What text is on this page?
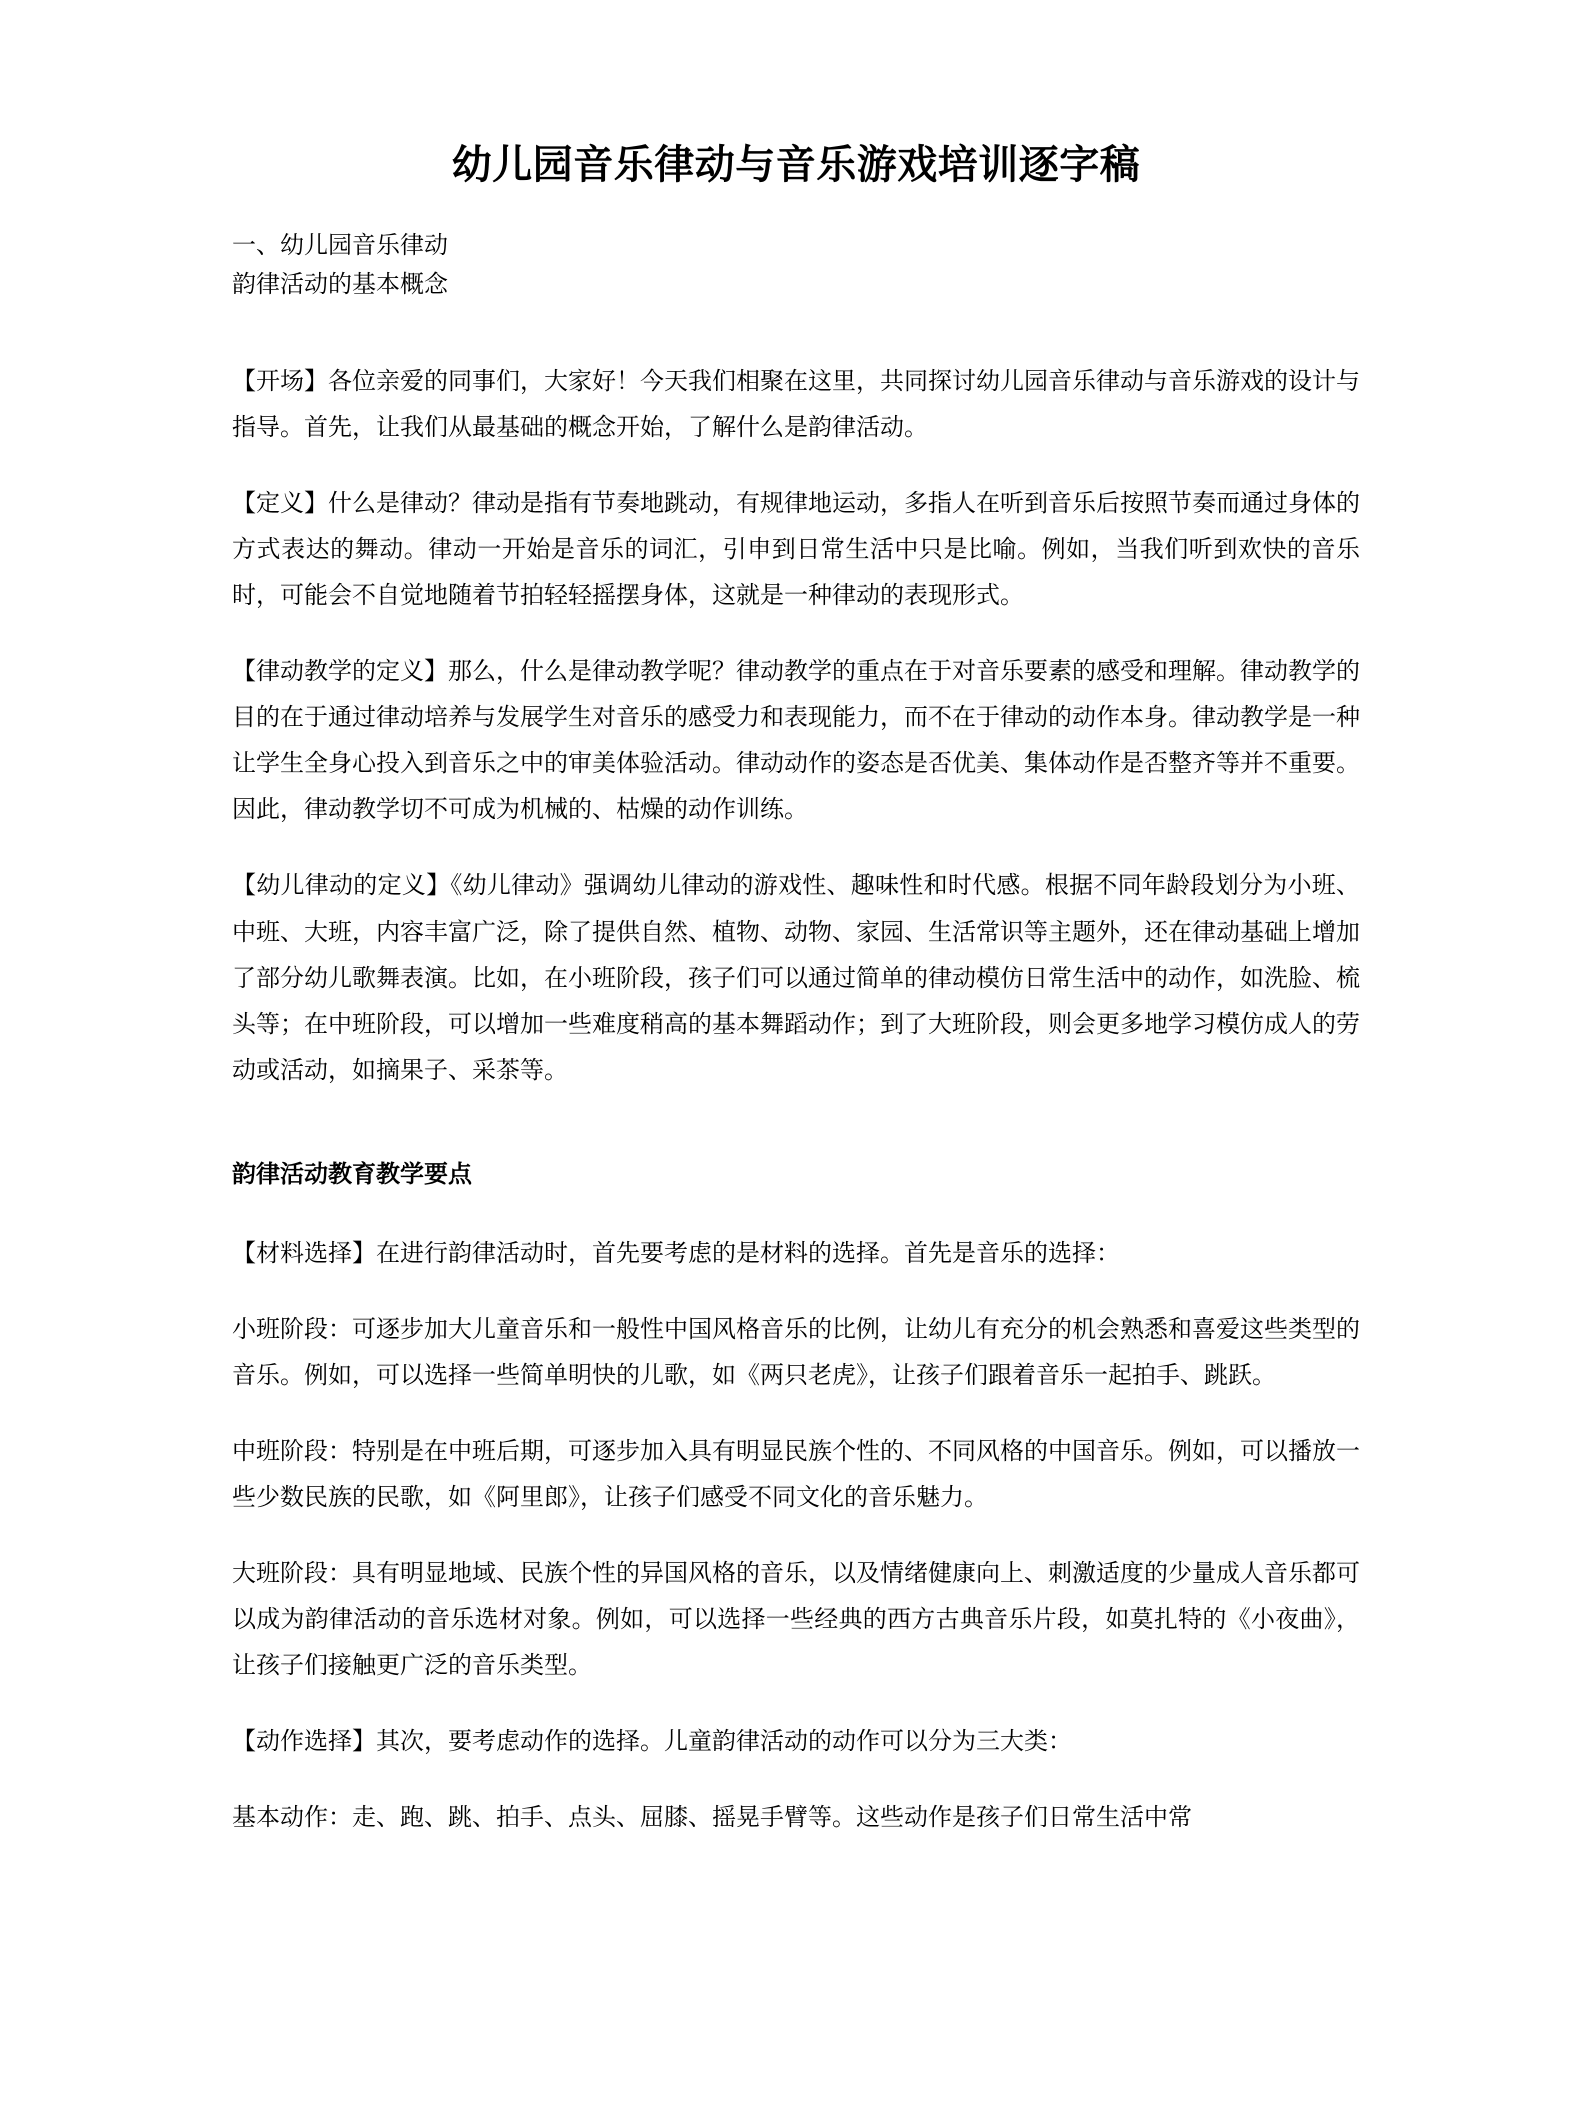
幼儿园音乐律动与音乐游戏培训逐字稿
一、幼儿园音乐律动
韵律活动的基本概念

【开场】各位亲爱的同事们，大家好！今天我们相聚在这里，共同探讨幼儿园音乐律动与音乐游戏的设计与指导。首先，让我们从最基础的概念开始，了解什么是韵律活动。

【定义】什么是律动？律动是指有节奏地跳动，有规律地运动，多指人在听到音乐后按照节奏而通过身体的方式表达的舞动。律动一开始是音乐的词汇，引申到日常生活中只是比喻。例如，当我们听到欢快的音乐时，可能会不自觉地随着节拍轻轻摇摆身体，这就是一种律动的表现形式。

【律动教学的定义】那么，什么是律动教学呢？律动教学的重点在于对音乐要素的感受和理解。律动教学的目的在于通过律动培养与发展学生对音乐的感受力和表现能力，而不在于律动的动作本身。律动教学是一种让学生全身心投入到音乐之中的审美体验活动。律动动作的姿态是否优美、集体动作是否整齐等并不重要。因此，律动教学切不可成为机械的、枯燥的动作训练。

【幼儿律动的定义】《幼儿律动》强调幼儿律动的游戏性、趣味性和时代感。根据不同年龄段划分为小班、中班、大班，内容丰富广泛，除了提供自然、植物、动物、家园、生活常识等主题外，还在律动基础上增加了部分幼儿歌舞表演。比如，在小班阶段，孩子们可以通过简单的律动模仿日常生活中的动作，如洗脸、梳头等；在中班阶段，可以增加一些难度稍高的基本舞蹈动作；到了大班阶段，则会更多地学习模仿成人的劳动或活动，如摘果子、采茶等。

韵律活动教育教学要点

【材料选择】在进行韵律活动时，首先要考虑的是材料的选择。首先是音乐的选择：

小班阶段：可逐步加大儿童音乐和一般性中国风格音乐的比例，让幼儿有充分的机会熟悉和喜爱这些类型的音乐。例如，可以选择一些简单明快的儿歌，如《两只老虎》，让孩子们跟着音乐一起拍手、跳跃。

中班阶段：特别是在中班后期，可逐步加入具有明显民族个性的、不同风格的中国音乐。例如，可以播放一些少数民族的民歌，如《阿里郎》，让孩子们感受不同文化的音乐魅力。

大班阶段：具有明显地域、民族个性的异国风格的音乐，以及情绪健康向上、刺激适度的少量成人音乐都可以成为韵律活动的音乐选材对象。例如，可以选择一些经典的西方古典音乐片段，如莫扎特的《小夜曲》，让孩子们接触更广泛的音乐类型。

【动作选择】其次，要考虑动作的选择。儿童韵律活动的动作可以分为三大类：

基本动作：走、跑、跳、拍手、点头、屈膝、摇晃手臂等。这些动作是孩子们日常生活中常
